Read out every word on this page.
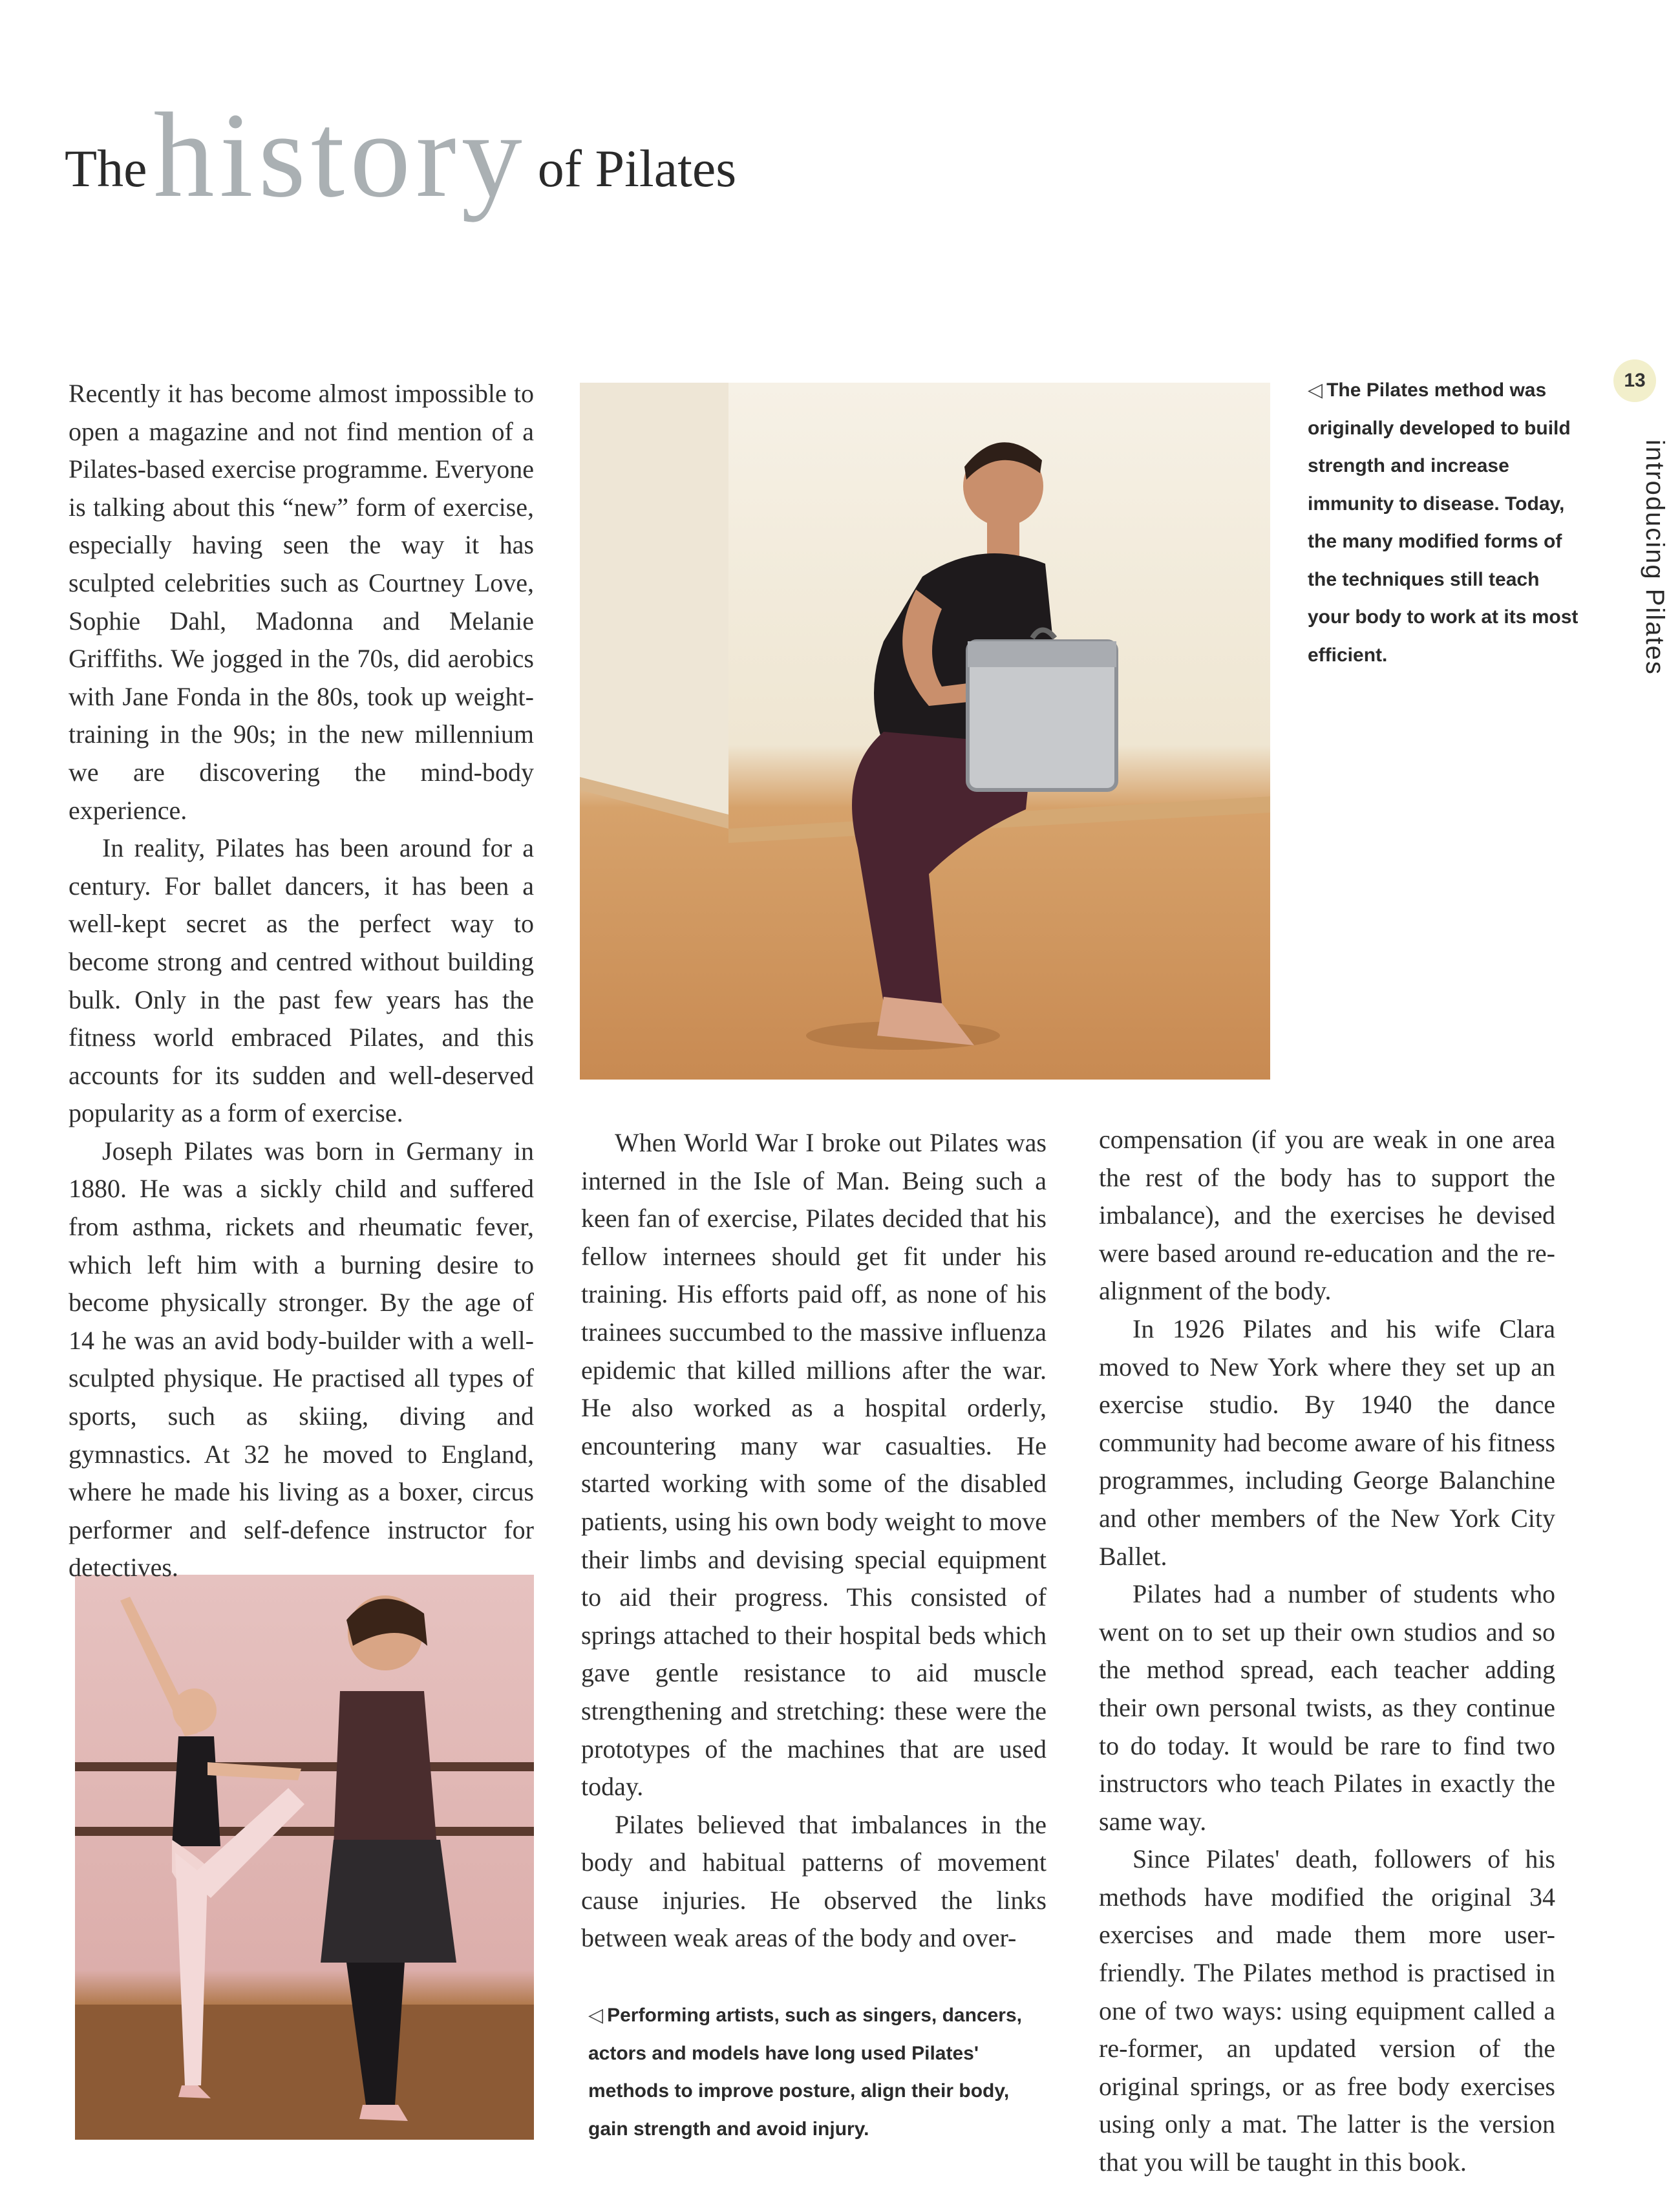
The history of Pilates
13
introducing Pilates
◁ The Pilates method was originally developed to build strength and increase immunity to disease. Today, the many modified forms of the techniques still teach your body to work at its most efficient.
◁ Performing artists, such as singers, dancers, actors and models have long used Pilates' methods to improve posture, align their body, gain strength and avoid injury.

Recently it has become almost impossible to open a magazine and not find mention of a Pilates-based exercise programme. Everyone is talking about this “new” form of exercise, especially having seen the way it has sculpted celebrities such as Courtney Love, Sophie Dahl, Madonna and Melanie Griffiths. We jogged in the 70s, did aerobics with Jane Fonda in the 80s, took up weight-training in the 90s; in the new millennium we are discovering the mind-body experience.

In reality, Pilates has been around for a century. For ballet dancers, it has been a well-kept secret as the perfect way to become strong and centred without building bulk. Only in the past few years has the fitness world embraced Pilates, and this accounts for its sudden and well-deserved popularity as a form of exercise.

Joseph Pilates was born in Germany in 1880. He was a sickly child and suffered from asthma, rickets and rheumatic fever, which left him with a burning desire to become physically stronger. By the age of 14 he was an avid body-builder with a well-sculpted physique. He practised all types of sports, such as skiing, diving and gymnastics. At 32 he moved to England, where he made his living as a boxer, circus performer and self-defence instructor for detectives.

When World War I broke out Pilates was interned in the Isle of Man. Being such a keen fan of exercise, Pilates decided that his fellow internees should get fit under his training. His efforts paid off, as none of his trainees succumbed to the massive influenza epidemic that killed millions after the war. He also worked as a hospital orderly, encountering many war casualties. He started working with some of the disabled patients, using his own body weight to move their limbs and devising special equipment to aid their progress. This consisted of springs attached to their hospital beds which gave gentle resistance to aid muscle strengthening and stretching: these were the prototypes of the machines that are used today.

Pilates believed that imbalances in the body and habitual patterns of movement cause injuries. He observed the links between weak areas of the body and over-

compensation (if you are weak in one area the rest of the body has to support the imbalance), and the exercises he devised were based around re-education and the re-alignment of the body.

In 1926 Pilates and his wife Clara moved to New York where they set up an exercise studio. By 1940 the dance community had become aware of his fitness programmes, including George Balanchine and other members of the New York City Ballet.

Pilates had a number of students who went on to set up their own studios and so the method spread, each teacher adding their own personal twists, as they continue to do today. It would be rare to find two instructors who teach Pilates in exactly the same way.

Since Pilates' death, followers of his methods have modified the original 34 exercises and made them more user-friendly. The Pilates method is practised in one of two ways: using equipment called a re-former, an updated version of the original springs, or as free body exercises using only a mat. The latter is the version that you will be taught in this book.
